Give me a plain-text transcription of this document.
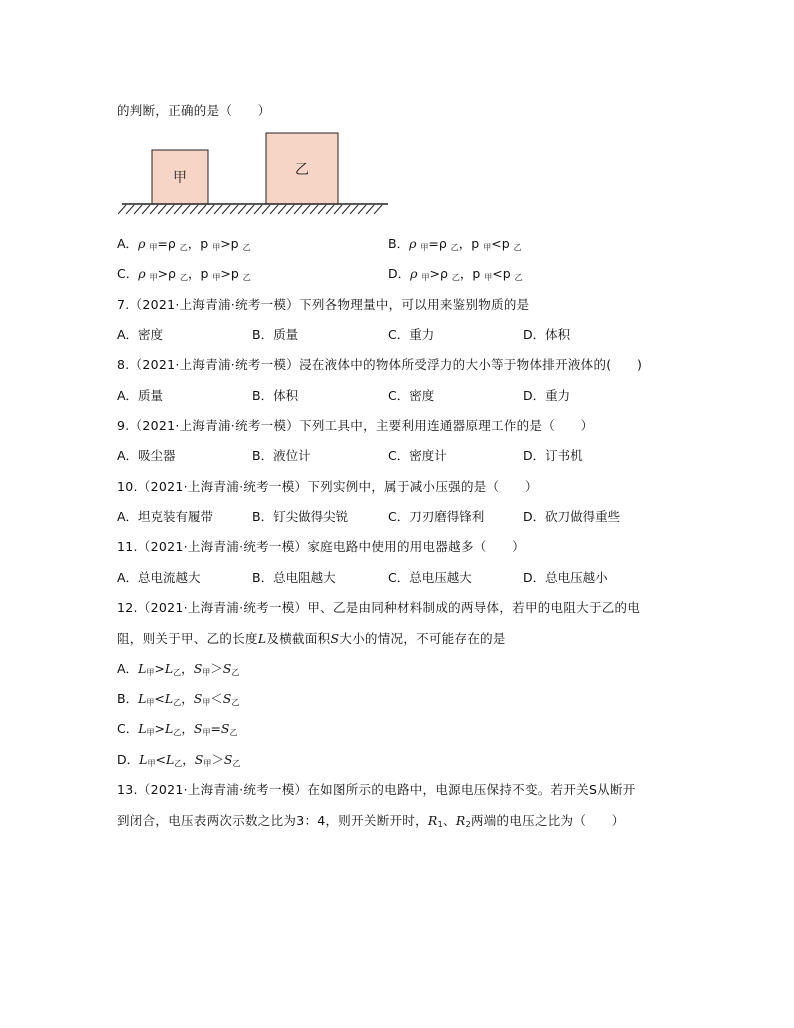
的判断，正确的是（　　）
甲	乙
A．ρ $_甲$=ρ $_乙$，p $_甲$>p $_乙$	B．ρ $_甲$=ρ $_乙$，p $_甲$<p $_乙$
C．ρ $_甲$>ρ $_乙$，p $_甲$>p $_乙$	D．ρ $_甲$>ρ $_乙$，p $_甲$<p $_乙$
7.（2021·上海青浦·统考一模）下列各物理量中，可以用来鉴别物质的是
A．密度	B．质量	C．重力	D．体积
8.（2021·上海青浦·统考一模）浸在液体中的物体所受浮力的大小等于物体排开液体的(　　)
A．质量	B．体积	C．密度	D．重力
9.（2021·上海青浦·统考一模）下列工具中，主要利用连通器原理工作的是（　　）
A．吸尘器	B．液位计	C．密度计	D．订书机
10.（2021·上海青浦·统考一模）下列实例中，属于减小压强的是（　　）
A．坦克装有履带	B．钉尖做得尖锐	C．刀刃磨得锋利	D．砍刀做得重些
11.（2021·上海青浦·统考一模）家庭电路中使用的用电器越多（　　）
A．总电流越大	B．总电阻越大	C．总电压越大	D．总电压越小
12.（2021·上海青浦·统考一模）甲、乙是由同种材料制成的两导体，若甲的电阻大于乙的电
阻，则关于甲、乙的长度L及横截面积S大小的情况，不可能存在的是
A．$L_甲>L_乙$，$S_甲>S_乙$
B．$L_甲<L_乙$，$S_甲<S_乙$
C．$L_甲>L_乙$，$S_甲=S_乙$
D．$L_甲<L_乙$，$S_甲>S_乙$
13.（2021·上海青浦·统考一模）在如图所示的电路中，电源电压保持不变。若开关S从断开
到闭合，电压表两次示数之比为3：4，则开关断开时，$R_1$、$R_2$两端的电压之比为（　　）
